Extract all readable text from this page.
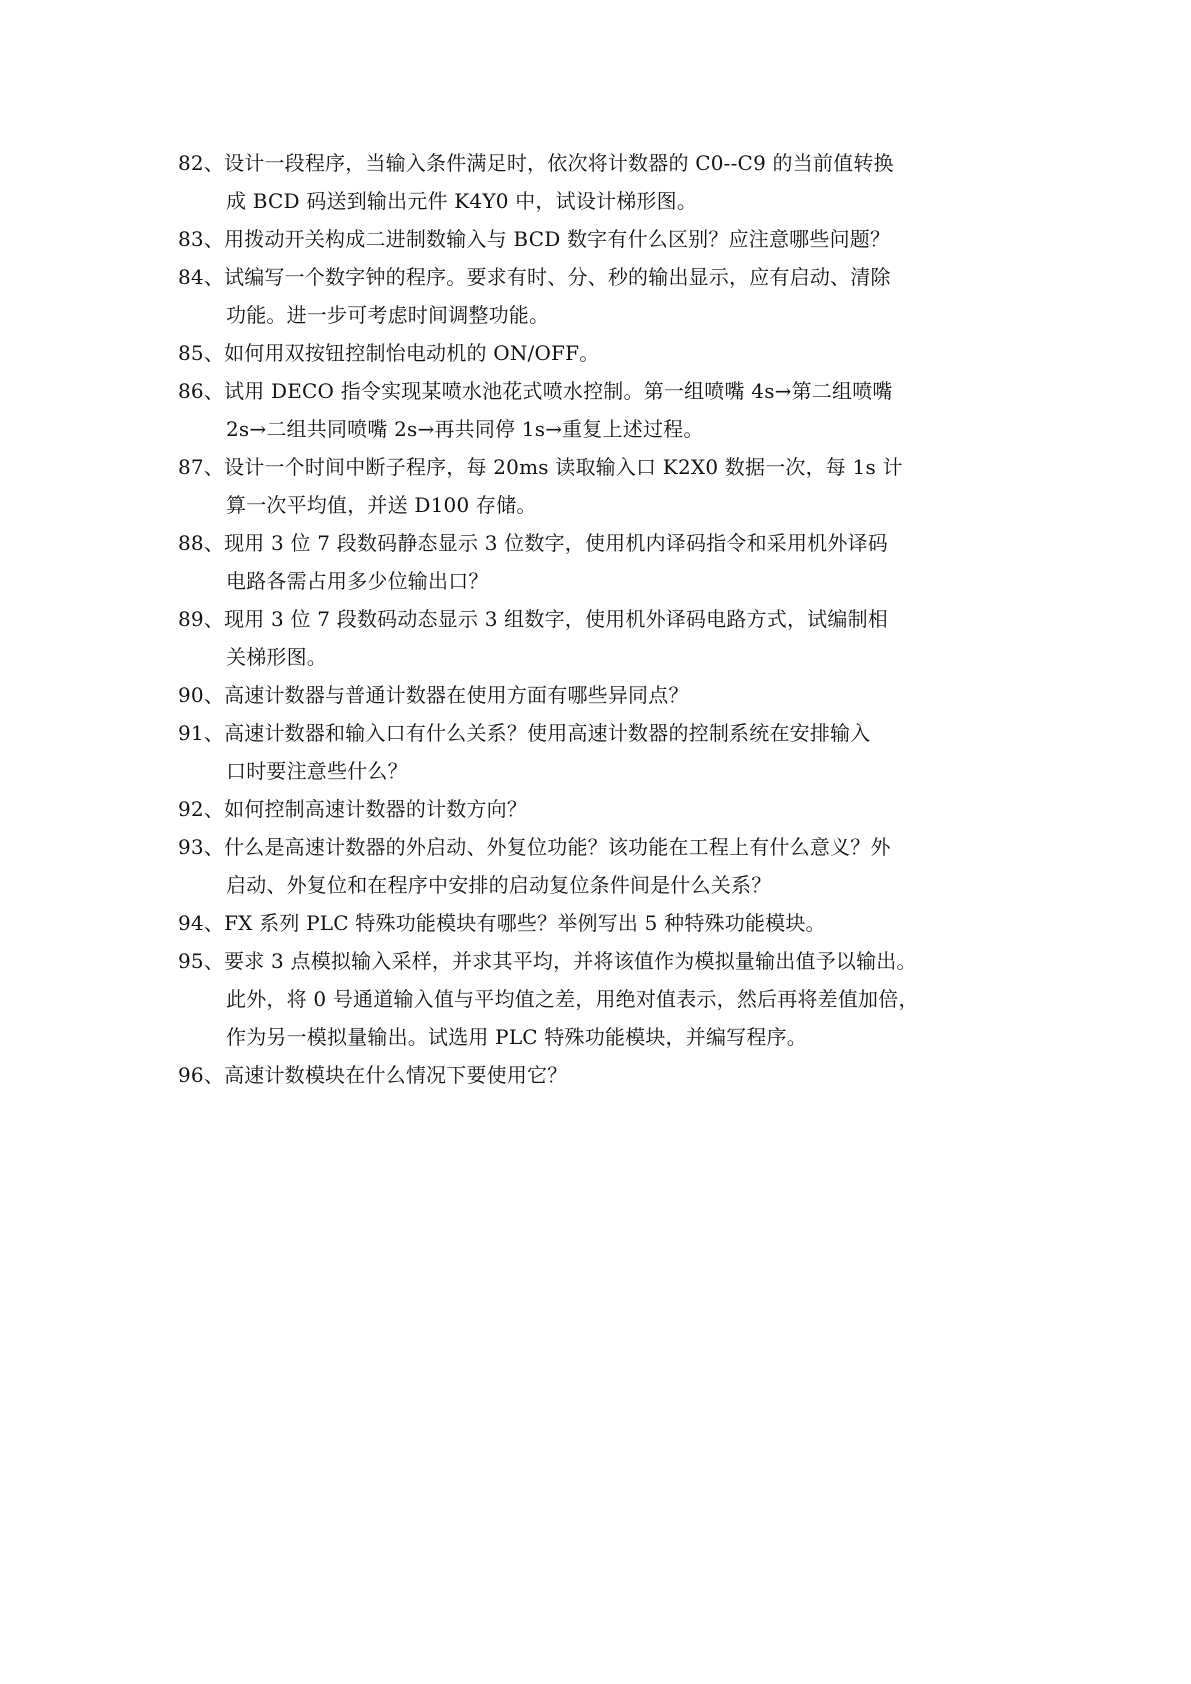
82、设计一段程序，当输入条件满足时，依次将计数器的 C0--C9 的当前值转换
成 BCD 码送到输出元件 K4Y0 中，试设计梯形图。
83、用拨动开关构成二进制数输入与 BCD 数字有什么区别？应注意哪些问题？
84、试编写一个数字钟的程序。要求有时、分、秒的输出显示，应有启动、清除
功能。进一步可考虑时间调整功能。
85、如何用双按钮控制怡电动机的 ON/OFF。
86、试用 DECO 指令实现某喷水池花式喷水控制。第一组喷嘴 4s→第二组喷嘴
2s→二组共同喷嘴 2s→再共同停 1s→重复上述过程。
87、设计一个时间中断子程序，每 20ms 读取输入口 K2X0 数据一次，每 1s 计
算一次平均值，并送 D100 存储。
88、现用 3 位 7 段数码静态显示 3 位数字，使用机内译码指令和采用机外译码
电路各需占用多少位输出口？
89、现用 3 位 7 段数码动态显示 3 组数字，使用机外译码电路方式，试编制相
关梯形图。
90、高速计数器与普通计数器在使用方面有哪些异同点？
91、高速计数器和输入口有什么关系？使用高速计数器的控制系统在安排输入
口时要注意些什么？
92、如何控制高速计数器的计数方向？
93、什么是高速计数器的外启动、外复位功能？该功能在工程上有什么意义？外
启动、外复位和在程序中安排的启动复位条件间是什么关系？
94、FX 系列 PLC 特殊功能模块有哪些？举例写出 5 种特殊功能模块。
95、要求 3 点模拟输入采样，并求其平均，并将该值作为模拟量输出值予以输出。
此外，将 0 号通道输入值与平均值之差，用绝对值表示，然后再将差值加倍，
作为另一模拟量输出。试选用 PLC 特殊功能模块，并编写程序。
96、高速计数模块在什么情况下要使用它？
